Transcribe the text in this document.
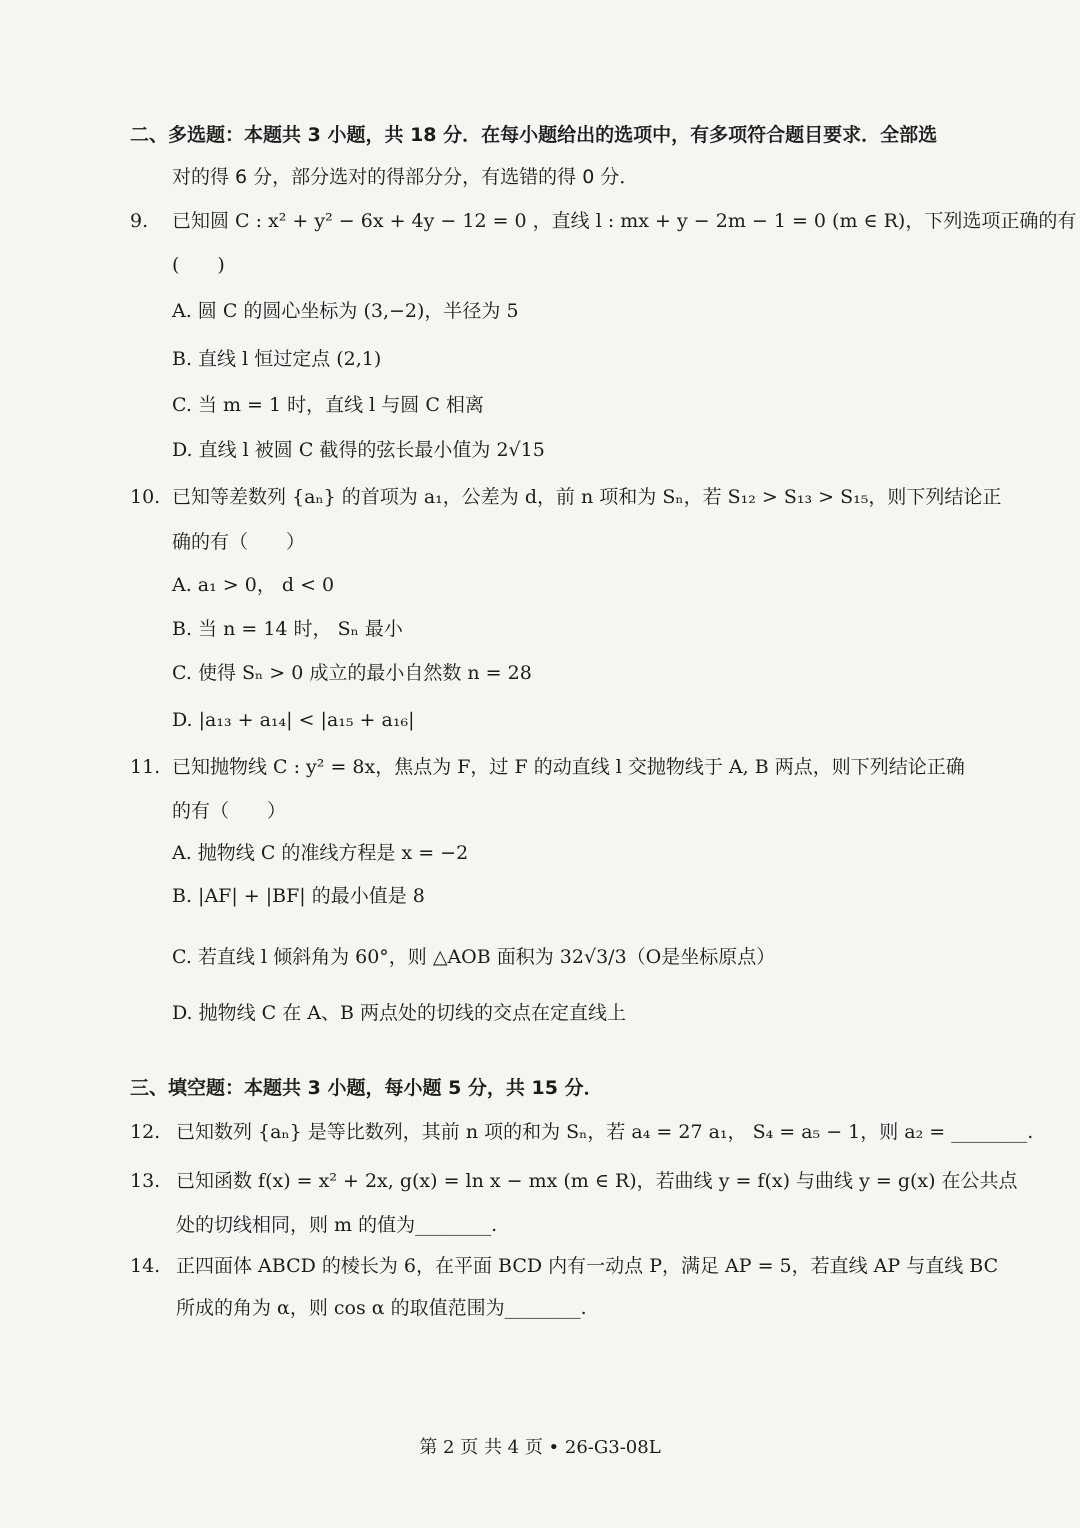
二、多选题：本题共 3 小题，共 18 分．在每小题给出的选项中，有多项符合题目要求．全部选
对的得 6 分，部分选对的得部分分，有选错的得 0 分．
9. 已知圆 C : x² + y² − 6x + 4y − 12 = 0 ，直线 l : mx + y − 2m − 1 = 0 (m ∈ R)，下列选项正确的有
(　　)
A. 圆 C 的圆心坐标为 (3,−2)，半径为 5
B. 直线 l 恒过定点 (2,1)
C. 当 m = 1 时，直线 l 与圆 C 相离
D. 直线 l 被圆 C 截得的弦长最小值为 2√15
10. 已知等差数列 {aₙ} 的首项为 a₁，公差为 d，前 n 项和为 Sₙ，若 S₁₂ > S₁₃ > S₁₅，则下列结论正
确的有（　　）
A. a₁ > 0， d < 0
B. 当 n = 14 时， Sₙ 最小
C. 使得 Sₙ > 0 成立的最小自然数 n = 28
D. |a₁₃ + a₁₄| < |a₁₅ + a₁₆|
11. 已知抛物线 C : y² = 8x，焦点为 F，过 F 的动直线 l 交抛物线于 A, B 两点，则下列结论正确
的有（　　）
A. 抛物线 C 的准线方程是 x = −2
B. |AF| + |BF| 的最小值是 8
C. 若直线 l 倾斜角为 60°，则 △AOB 面积为 32√3/3（O是坐标原点）
D. 抛物线 C 在 A、B 两点处的切线的交点在定直线上
三、填空题：本题共 3 小题，每小题 5 分，共 15 分．
12. 已知数列 {aₙ} 是等比数列，其前 n 项的和为 Sₙ，若 a₄ = 27 a₁， S₄ = a₅ − 1，则 a₂ = ________.
13. 已知函数 f(x) = x² + 2x, g(x) = ln x − mx (m ∈ R)，若曲线 y = f(x) 与曲线 y = g(x) 在公共点
处的切线相同，则 m 的值为________.
14. 正四面体 ABCD 的棱长为 6，在平面 BCD 内有一动点 P，满足 AP = 5，若直线 AP 与直线 BC
所成的角为 α，则 cos α 的取值范围为________.
第 2 页 共 4 页 • 26-G3-08L
